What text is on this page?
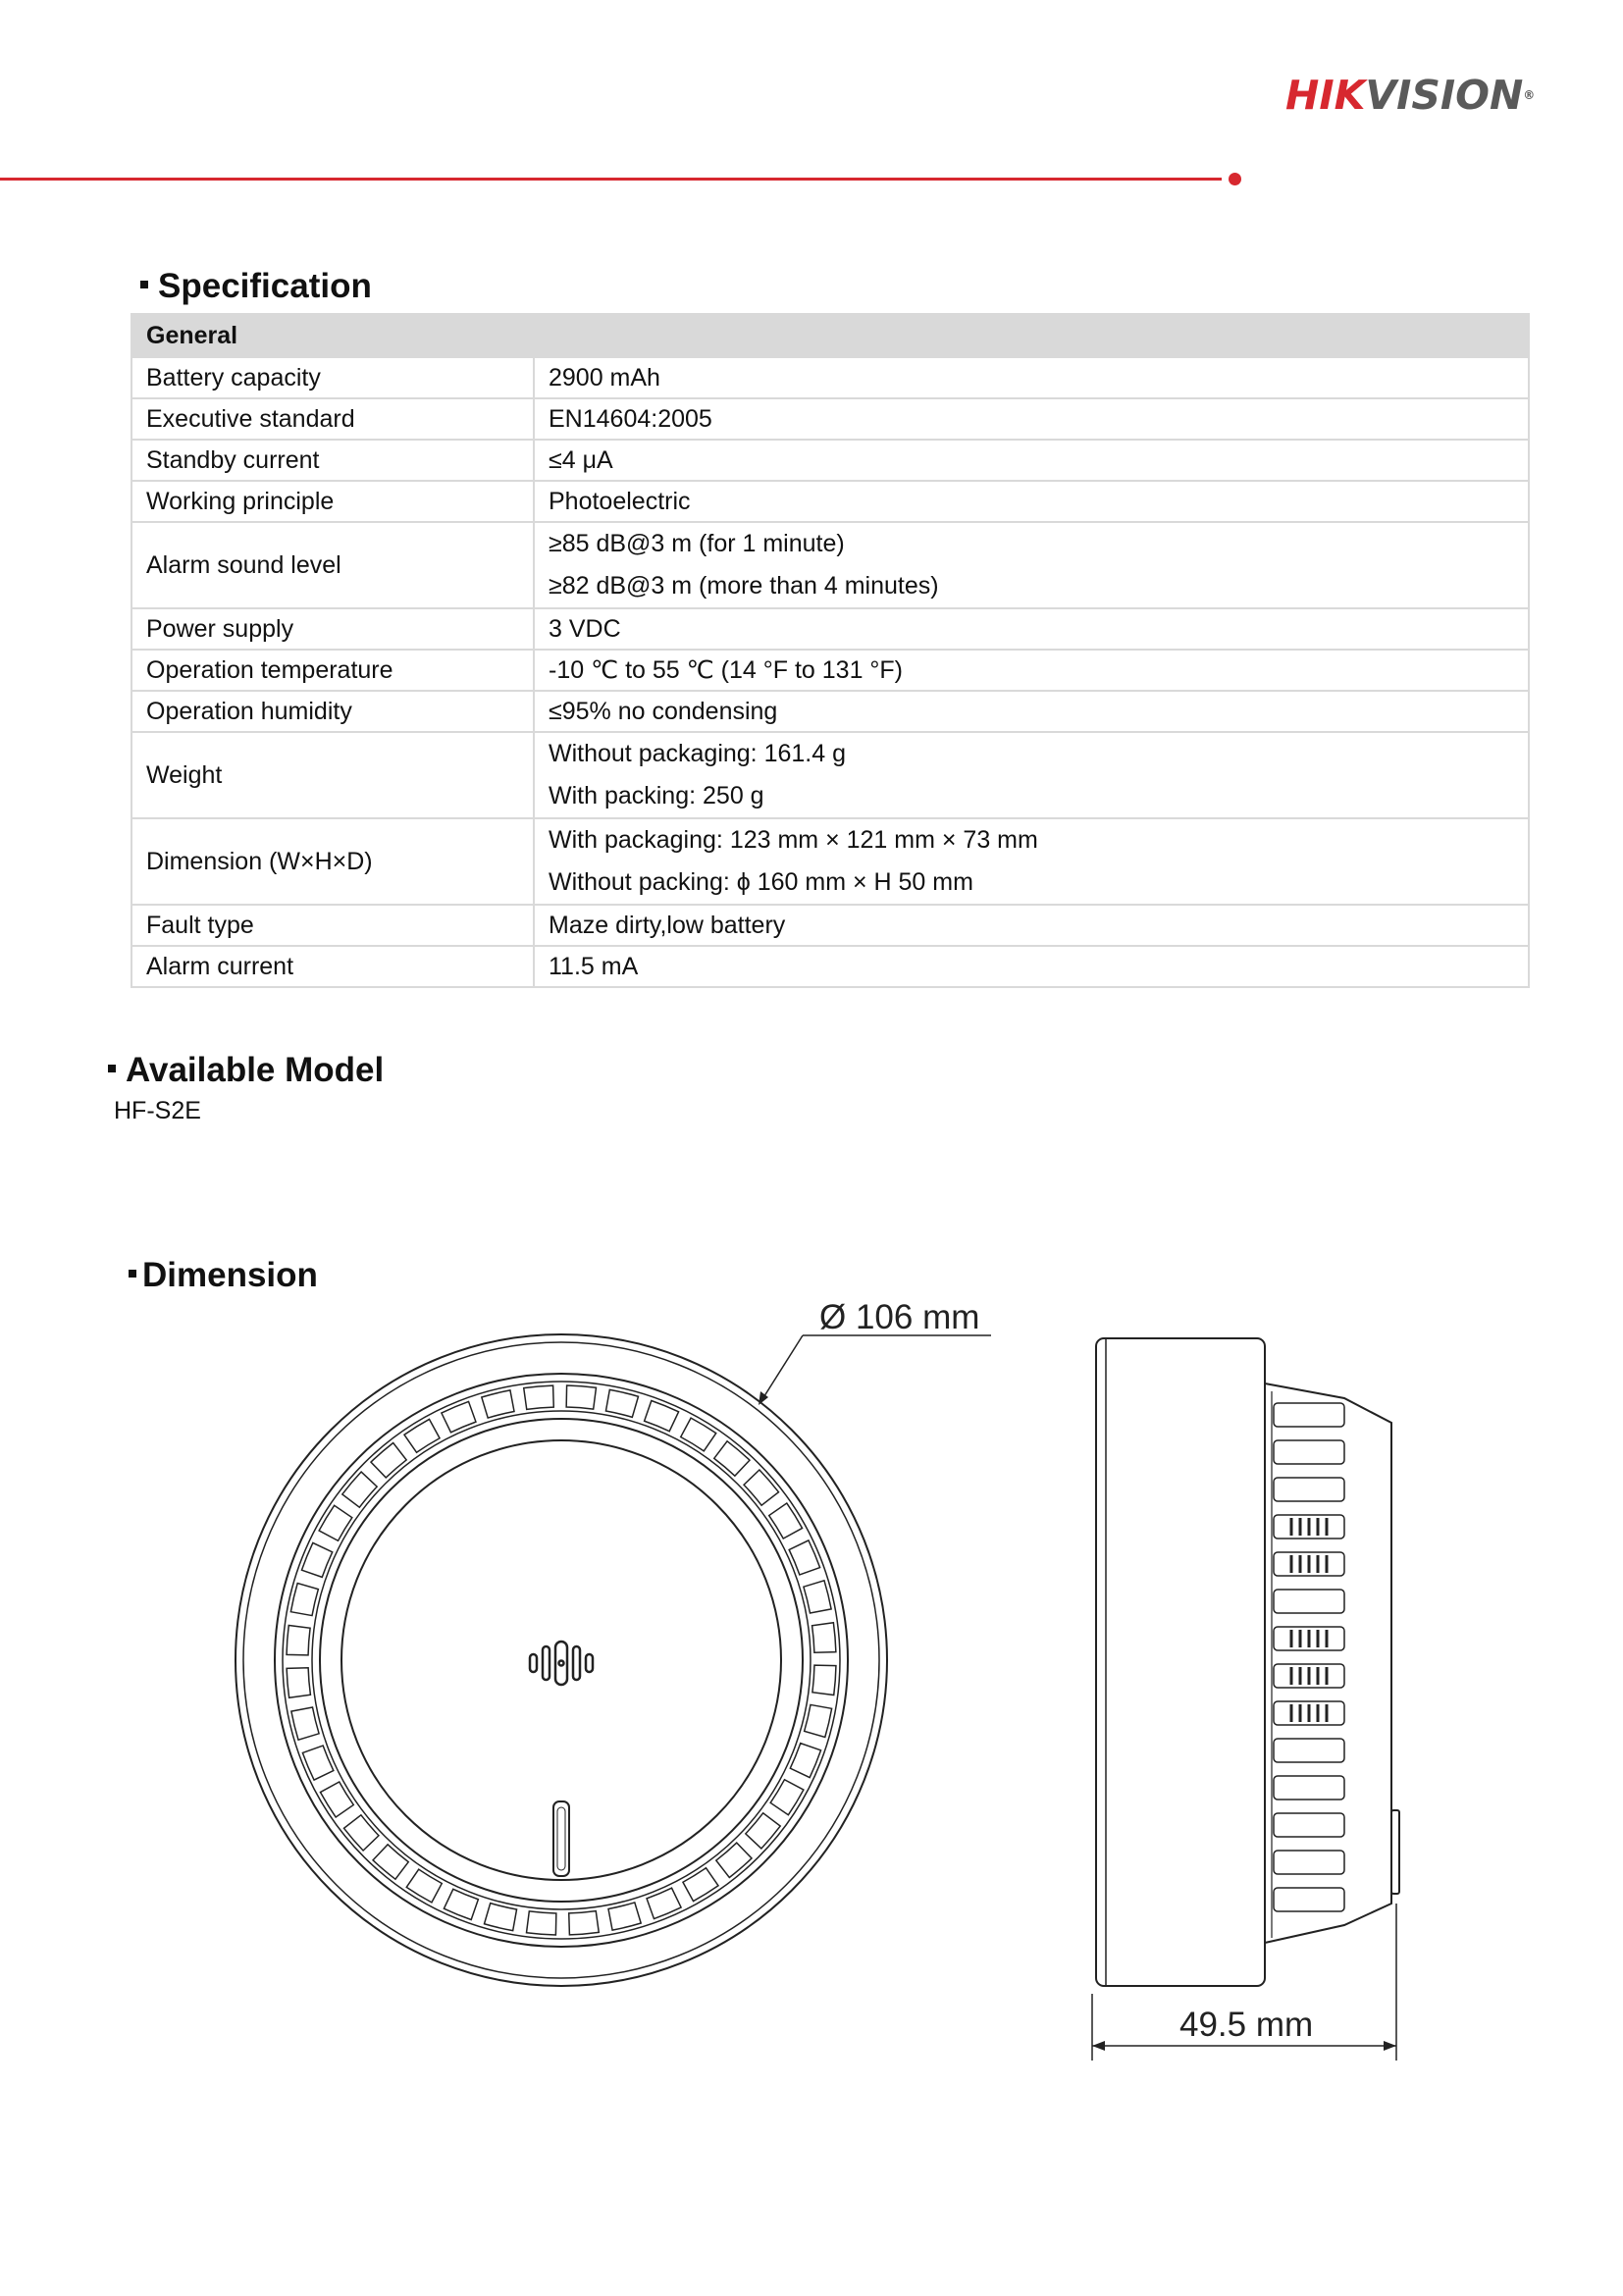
HIKVISION®
Specification
General	
Battery capacity	2900 mAh

Executive standard	EN14604:2005

Standby current	≤4 μA

Working principle	Photoelectric

Alarm sound level	≥85 dB@3 m (for 1 minute)
≥82 dB@3 m (more than 4 minutes)

Power supply	3 VDC

Operation temperature	-10 ℃ to 55 ℃ (14 °F to 131 °F)

Operation humidity	≤95% no condensing

Weight	Without packaging: 161.4 g
With packing: 250 g

Dimension (W×H×D)	With packaging: 123 mm × 121 mm × 73 mm
Without packing: ϕ 160 mm × H 50 mm

Fault type	Maze dirty,low battery

Alarm current	11.5 mA
Available Model
HF-S2E
Dimension
Ø 106 mm
49.5 mm
